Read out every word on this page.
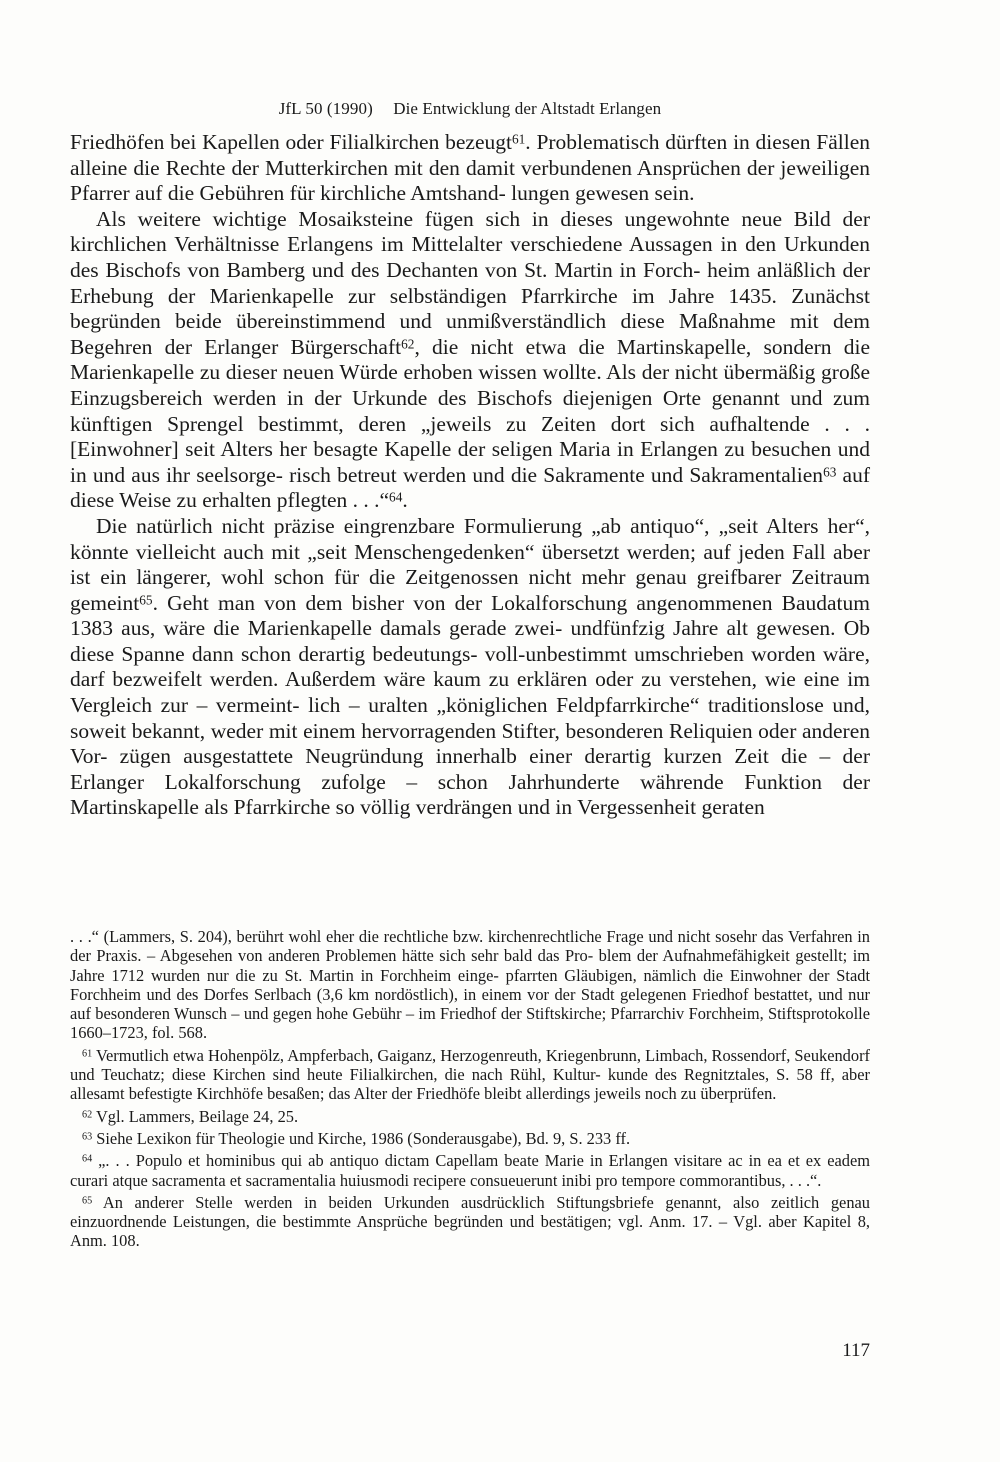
JfL 50 (1990) Die Entwicklung der Altstadt Erlangen

Friedhöfen bei Kapellen oder Filialkirchen bezeugt$^{61}$. Problematisch dürften in diesen Fällen alleine die Rechte der Mutterkirchen mit den damit verbundenen Ansprüchen der jeweiligen Pfarrer auf die Gebühren für kirchliche Amtshand- lungen gewesen sein.

Als weitere wichtige Mosaiksteine fügen sich in dieses ungewohnte neue Bild der kirchlichen Verhältnisse Erlangens im Mittelalter verschiedene Aussagen in den Urkunden des Bischofs von Bamberg und des Dechanten von St. Martin in Forch- heim anläßlich der Erhebung der Marienkapelle zur selbständigen Pfarrkirche im Jahre 1435. Zunächst begründen beide übereinstimmend und unmißverständlich diese Maßnahme mit dem Begehren der Erlanger Bürgerschaft$^{62}$, die nicht etwa die Martinskapelle, sondern die Marienkapelle zu dieser neuen Würde erhoben wissen wollte. Als der nicht übermäßig große Einzugsbereich werden in der Urkunde des Bischofs diejenigen Orte genannt und zum künftigen Sprengel bestimmt, deren „jeweils zu Zeiten dort sich aufhaltende . . . [Einwohner] seit Alters her besagte Kapelle der seligen Maria in Erlangen zu besuchen und in und aus ihr seelsorge- risch betreut werden und die Sakramente und Sakramentalien$^{63}$ auf diese Weise zu erhalten pflegten . . .“$^{64}$.

Die natürlich nicht präzise eingrenzbare Formulierung „ab antiquo“, „seit Alters her“, könnte vielleicht auch mit „seit Menschengedenken“ übersetzt werden; auf jeden Fall aber ist ein längerer, wohl schon für die Zeitgenossen nicht mehr genau greifbarer Zeitraum gemeint$^{65}$. Geht man von dem bisher von der Lokalforschung angenommenen Baudatum 1383 aus, wäre die Marienkapelle damals gerade zwei- undfünfzig Jahre alt gewesen. Ob diese Spanne dann schon derartig bedeutungs- voll-unbestimmt umschrieben worden wäre, darf bezweifelt werden. Außerdem wäre kaum zu erklären oder zu verstehen, wie eine im Vergleich zur – vermeint- lich – uralten „königlichen Feldpfarrkirche“ traditionslose und, soweit bekannt, weder mit einem hervorragenden Stifter, besonderen Reliquien oder anderen Vor- zügen ausgestattete Neugründung innerhalb einer derartig kurzen Zeit die – der Erlanger Lokalforschung zufolge – schon Jahrhunderte währende Funktion der Martinskapelle als Pfarrkirche so völlig verdrängen und in Vergessenheit geraten

. . .“ (Lammers, S. 204), berührt wohl eher die rechtliche bzw. kirchenrechtliche Frage und nicht sosehr das Verfahren in der Praxis. – Abgesehen von anderen Problemen hätte sich sehr bald das Pro- blem der Aufnahmefähigkeit gestellt; im Jahre 1712 wurden nur die zu St. Martin in Forchheim einge- pfarrten Gläubigen, nämlich die Einwohner der Stadt Forchheim und des Dorfes Serlbach (3,6 km nordöstlich), in einem vor der Stadt gelegenen Friedhof bestattet, und nur auf besonderen Wunsch – und gegen hohe Gebühr – im Friedhof der Stiftskirche; Pfarrarchiv Forchheim, Stiftsprotokolle 1660–1723, fol. 568.

$^{61}$ Vermutlich etwa Hohenpölz, Ampferbach, Gaiganz, Herzogenreuth, Kriegenbrunn, Limbach, Rossendorf, Seukendorf und Teuchatz; diese Kirchen sind heute Filialkirchen, die nach Rühl, Kultur- kunde des Regnitztales, S. 58 ff, aber allesamt befestigte Kirchhöfe besaßen; das Alter der Friedhöfe bleibt allerdings jeweils noch zu überprüfen.

$^{62}$ Vgl. Lammers, Beilage 24, 25.

$^{63}$ Siehe Lexikon für Theologie und Kirche, 1986 (Sonderausgabe), Bd. 9, S. 233 ff.

$^{64}$ „. . . Populo et hominibus qui ab antiquo dictam Capellam beate Marie in Erlangen visitare ac in ea et ex eadem curari atque sacramenta et sacramentalia huiusmodi recipere consueuerunt inibi pro tempore commorantibus, . . .“.

$^{65}$ An anderer Stelle werden in beiden Urkunden ausdrücklich Stiftungsbriefe genannt, also zeitlich genau einzuordnende Leistungen, die bestimmte Ansprüche begründen und bestätigen; vgl. Anm. 17. – Vgl. aber Kapitel 8, Anm. 108.

117
